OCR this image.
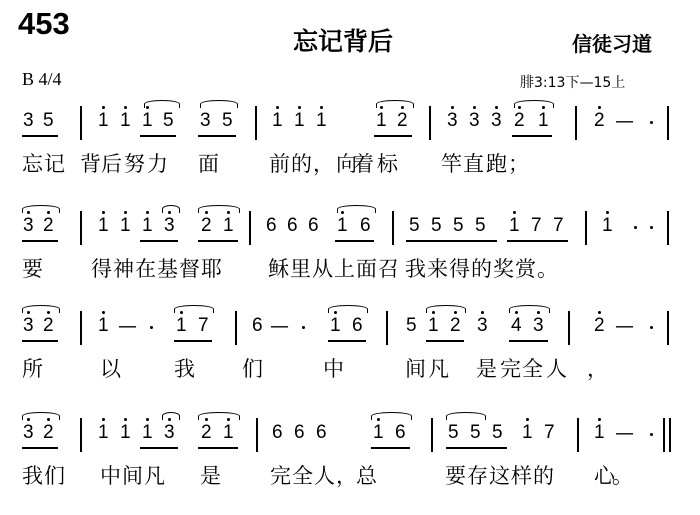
453
忘记背后	信徒习道
B 4/4	腓3:13下—15上
3 5 1 1 1 5 3 5 1 1 1	1 2 3 3 3 2 1 2 —
忘 记 背 后 努 力 面 前 的 ， 向
着 标 竿 直 跑 ；
3 2 1 1 1 3 2 1 6 6 6 1 6 5 5 5 5 1 7 7 1
要 得 神 在 基 督 耶 稣 里 从 上 面 召 我 来 得 的 奖 赏 。
3 2 1 — 1 7 6 — 1 6 5 1 2 3 4 3	2 —
所	以	我 们	中	间 凡 是 完 全 人 ，
3 2 1 1 1 3 2 1 6 6 6 1 6 5 5 5 1 7 1 —
我 们 中 间 凡 是 完 全 人 ， 总	要 存 这 样 的 心
。
